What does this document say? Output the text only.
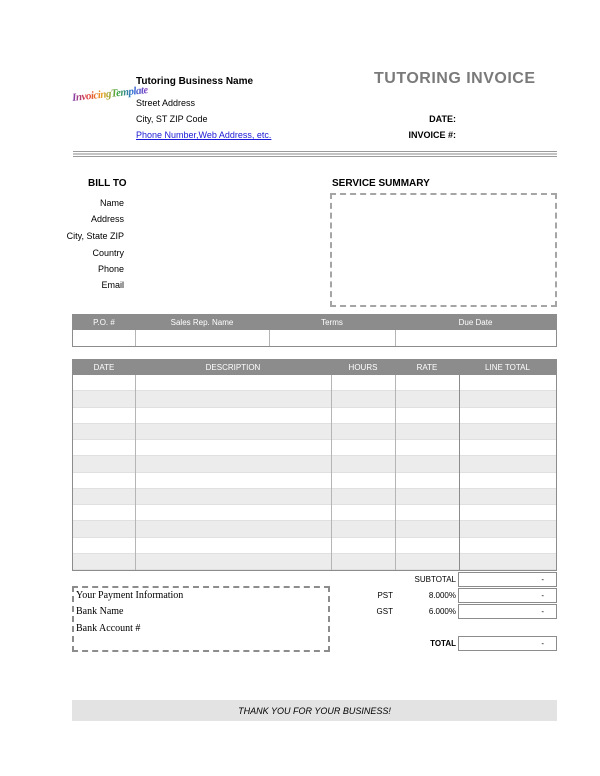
InvoicingTemplate
Tutoring Business Name
Street Address
City, ST ZIP Code
Phone Number,Web Address, etc.
TUTORING INVOICE
DATE:
INVOICE #:
BILL TO
Name
Address
City, State ZIP
Country
Phone
Email
SERVICE SUMMARY
P.O. #	Sales Rep. Name	Terms	Due Date
DATE	DESCRIPTION	HOURS	RATE	LINE TOTAL
Your Payment Information
Bank Name
Bank Account #
SUBTOTAL	-
PST	8.000%	-
GST	6.000%	-
TOTAL	-
THANK YOU FOR YOUR BUSINESS!
